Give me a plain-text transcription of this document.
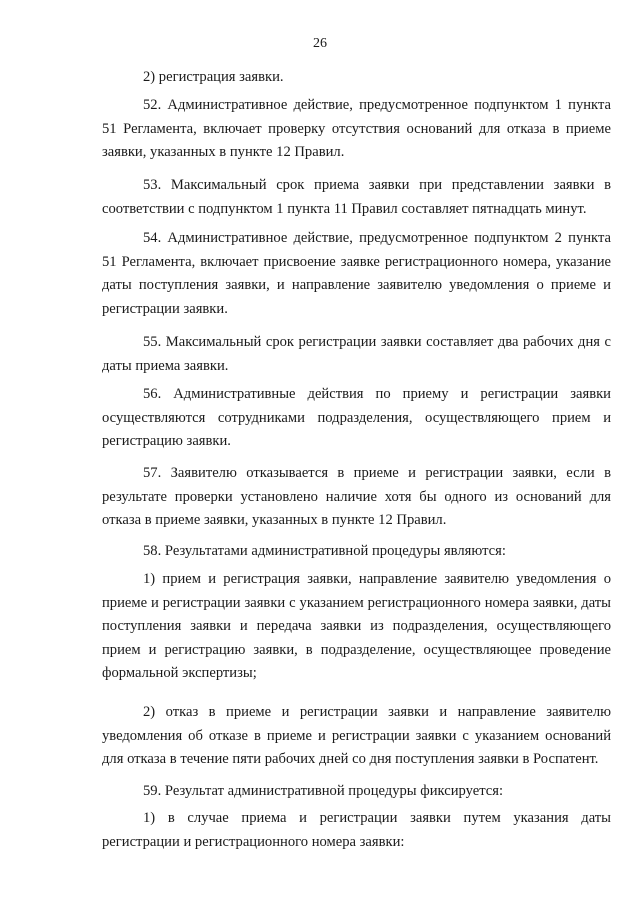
26

2) регистрация заявки.

52. Административное действие, предусмотренное подпунктом 1 пункта 51 Регламента, включает проверку отсутствия оснований для отказа в приеме заявки, указанных в пункте 12 Правил.

53. Максимальный срок приема заявки при представлении заявки в соответствии с подпунктом 1 пункта 11 Правил составляет пятнадцать минут.

54. Административное действие, предусмотренное подпунктом 2 пункта 51 Регламента, включает присвоение заявке регистрационного номера, указание даты поступления заявки, и направление заявителю уведомления о приеме и регистрации заявки.

55. Максимальный срок регистрации заявки составляет два рабочих дня с даты приема заявки.

56. Административные действия по приему и регистрации заявки осуществляются сотрудниками подразделения, осуществляющего прием и регистрацию заявки.

57. Заявителю отказывается в приеме и регистрации заявки, если в результате проверки установлено наличие хотя бы одного из оснований для отказа в приеме заявки, указанных в пункте 12 Правил.

58. Результатами административной процедуры являются:

1) прием и регистрация заявки, направление заявителю уведомления о приеме и регистрации заявки с указанием регистрационного номера заявки, даты поступления заявки и передача заявки из подразделения, осуществляющего прием и регистрацию заявки, в подразделение, осуществляющее проведение формальной экспертизы;

2) отказ в приеме и регистрации заявки и направление заявителю уведомления об отказе в приеме и регистрации заявки с указанием оснований для отказа в течение пяти рабочих дней со дня поступления заявки в Роспатент.

59. Результат административной процедуры фиксируется:

1) в случае приема и регистрации заявки путем указания даты регистрации и регистрационного номера заявки:
